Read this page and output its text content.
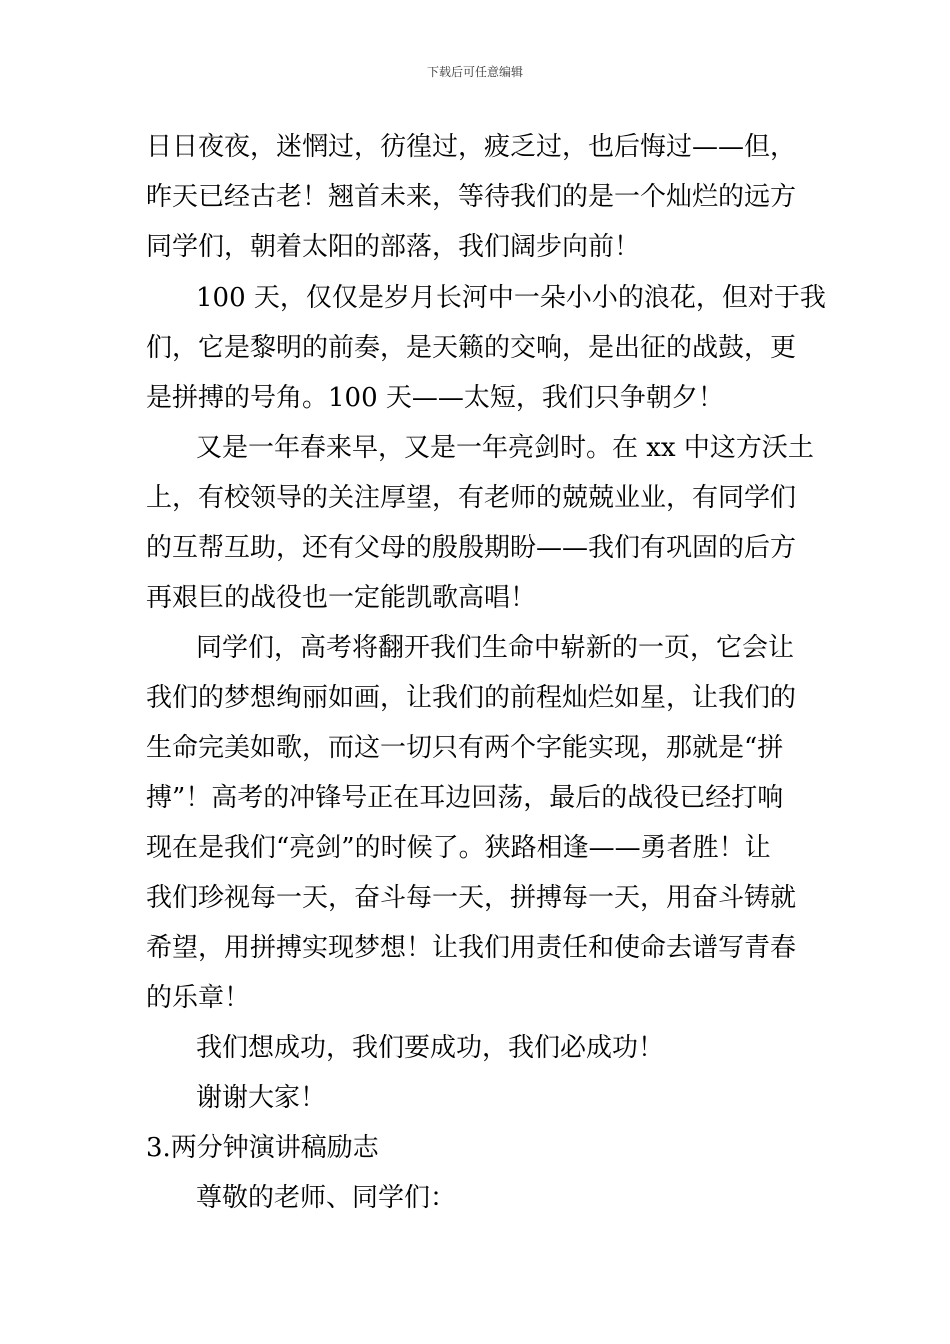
下载后可任意编辑
日日夜夜，迷惘过，彷徨过，疲乏过，也后悔过——但，
昨天已经古老！翘首未来，等待我们的是一个灿烂的远方
同学们，朝着太阳的部落，我们阔步向前！
100 天，仅仅是岁月长河中一朵小小的浪花，但对于我
们，它是黎明的前奏，是天籁的交响，是出征的战鼓，更
是拼搏的号角。100 天——太短，我们只争朝夕！
又是一年春来早，又是一年亮剑时。在 xx 中这方沃土
上，有校领导的关注厚望，有老师的兢兢业业，有同学们
的互帮互助，还有父母的殷殷期盼——我们有巩固的后方
再艰巨的战役也一定能凯歌高唱！
同学们，高考将翻开我们生命中崭新的一页，它会让
我们的梦想绚丽如画，让我们的前程灿烂如星，让我们的
生命完美如歌，而这一切只有两个字能实现，那就是“拼
搏”！高考的冲锋号正在耳边回荡，最后的战役已经打响
现在是我们“亮剑”的时候了。狭路相逢——勇者胜！让
我们珍视每一天，奋斗每一天，拼搏每一天，用奋斗铸就
希望，用拼搏实现梦想！让我们用责任和使命去谱写青春
的乐章！
我们想成功，我们要成功，我们必成功！
谢谢大家！
3.两分钟演讲稿励志
尊敬的老师、同学们：
